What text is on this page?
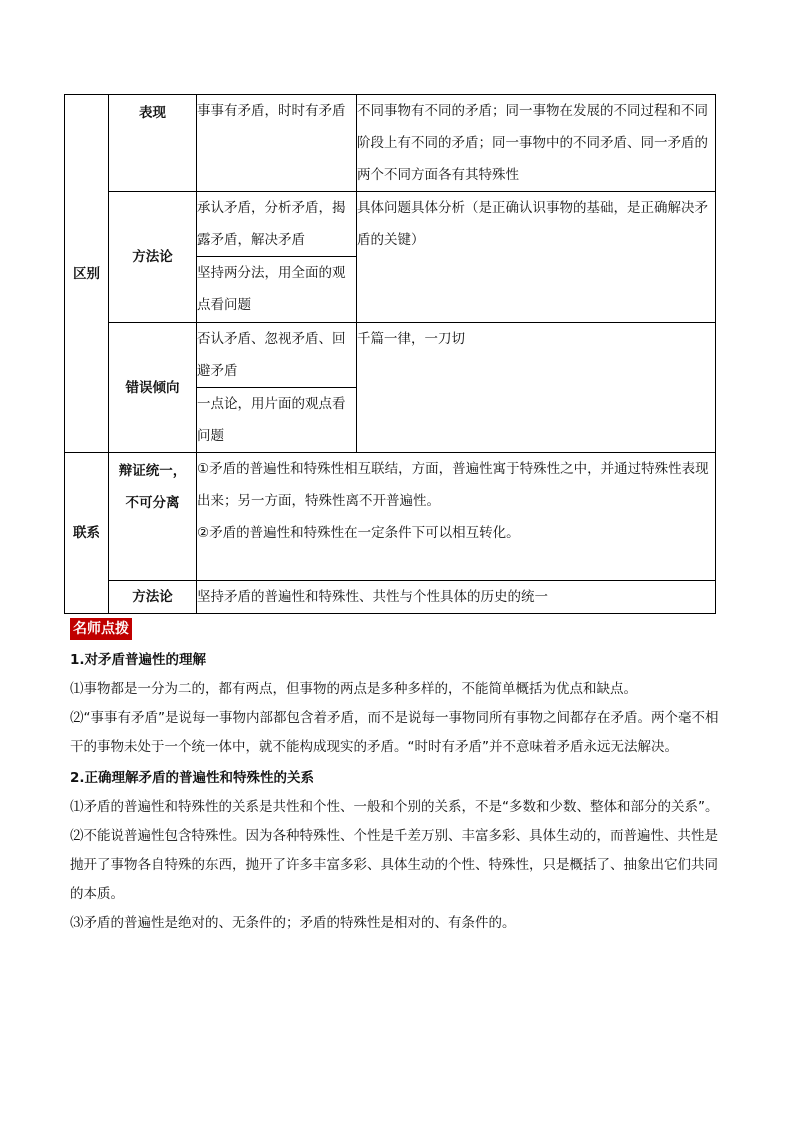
区别	表现	事事有矛盾，时时有矛盾	不同事物有不同的矛盾；同一事物在发展的不同过程和不同阶段上有不同的矛盾；同一事物中的不同矛盾、同一矛盾的两个不同方面各有其特殊性
	方法论	承认矛盾，分析矛盾，揭露矛盾，解决矛盾	具体问题具体分析（是正确认识事物的基础，是正确解决矛盾的关键）
		坚持两分法，用全面的观点看问题	
	错误倾向	否认矛盾、忽视矛盾、回避矛盾	千篇一律，一刀切
		一点论，用片面的观点看问题	
联系	辩证统一，不可分离	①矛盾的普遍性和特殊性相互联结，方面，普遍性寓于特殊性之中，并通过特殊性表现出来；另一方面，特殊性离不开普遍性。
②矛盾的普遍性和特殊性在一定条件下可以相互转化。	

	方法论	坚持矛盾的普遍性和特殊性、共性与个性具体的历史的统一	
名师点拨

1.对矛盾普遍性的理解

⑴事物都是一分为二的，都有两点，但事物的两点是多种多样的，不能简单概括为优点和缺点。

⑵“事事有矛盾”是说每一事物内部都包含着矛盾，而不是说每一事物同所有事物之间都存在矛盾。两个毫不相干的事物未处于一个统一体中，就不能构成现实的矛盾。“时时有矛盾”并不意味着矛盾永远无法解决。

2.正确理解矛盾的普遍性和特殊性的关系

⑴矛盾的普遍性和特殊性的关系是共性和个性、一般和个别的关系，不是“多数和少数、整体和部分的关系”。

⑵不能说普遍性包含特殊性。因为各种特殊性、个性是千差万别、丰富多彩、具体生动的，而普遍性、共性是抛开了事物各自特殊的东西，抛开了许多丰富多彩、具体生动的个性、特殊性，只是概括了、抽象出它们共同的本质。

⑶矛盾的普遍性是绝对的、无条件的；矛盾的特殊性是相对的、有条件的。
